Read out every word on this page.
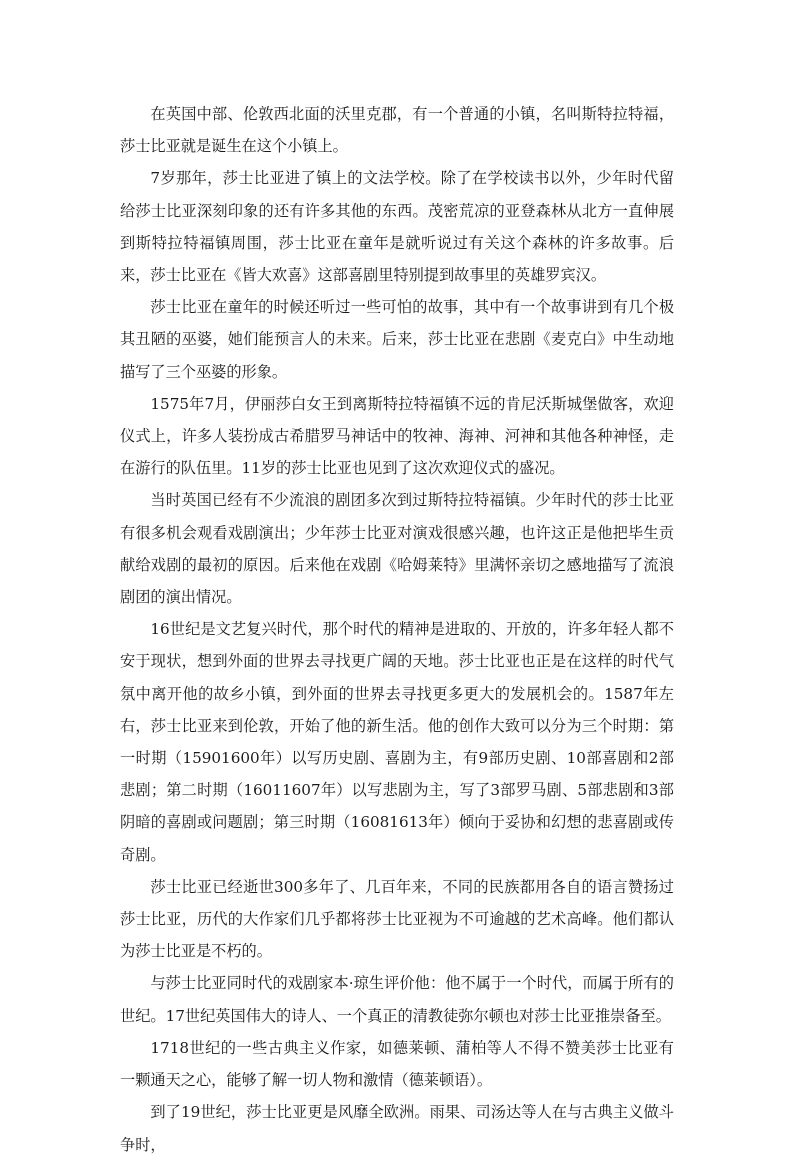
在英国中部、伦敦西北面的沃里克郡，有一个普通的小镇，名叫斯特拉特福，莎士比亚就是诞生在这个小镇上。

7岁那年，莎士比亚进了镇上的文法学校。除了在学校读书以外，少年时代留给莎士比亚深刻印象的还有许多其他的东西。茂密荒凉的亚登森林从北方一直伸展到斯特拉特福镇周围，莎士比亚在童年是就听说过有关这个森林的许多故事。后来，莎士比亚在《皆大欢喜》这部喜剧里特别提到故事里的英雄罗宾汉。

莎士比亚在童年的时候还听过一些可怕的故事，其中有一个故事讲到有几个极其丑陋的巫婆，她们能预言人的未来。后来，莎士比亚在悲剧《麦克白》中生动地描写了三个巫婆的形象。

1575年7月，伊丽莎白女王到离斯特拉特福镇不远的肯尼沃斯城堡做客，欢迎仪式上，许多人装扮成古希腊罗马神话中的牧神、海神、河神和其他各种神怪，走在游行的队伍里。11岁的莎士比亚也见到了这次欢迎仪式的盛况。

当时英国已经有不少流浪的剧团多次到过斯特拉特福镇。少年时代的莎士比亚有很多机会观看戏剧演出；少年莎士比亚对演戏很感兴趣，也许这正是他把毕生贡献给戏剧的最初的原因。后来他在戏剧《哈姆莱特》里满怀亲切之感地描写了流浪剧团的演出情况。

16世纪是文艺复兴时代，那个时代的精神是进取的、开放的，许多年轻人都不安于现状，想到外面的世界去寻找更广阔的天地。莎士比亚也正是在这样的时代气氛中离开他的故乡小镇，到外面的世界去寻找更多更大的发展机会的。1587年左右，莎士比亚来到伦敦，开始了他的新生活。他的创作大致可以分为三个时期：第一时期（15901600年）以写历史剧、喜剧为主，有9部历史剧、10部喜剧和2部悲剧；第二时期（16011607年）以写悲剧为主，写了3部罗马剧、5部悲剧和3部阴暗的喜剧或问题剧；第三时期（16081613年）倾向于妥协和幻想的悲喜剧或传奇剧。

莎士比亚已经逝世300多年了、几百年来，不同的民族都用各自的语言赞扬过莎士比亚，历代的大作家们几乎都将莎士比亚视为不可逾越的艺术高峰。他们都认为莎士比亚是不朽的。

与莎士比亚同时代的戏剧家本·琼生评价他：他不属于一个时代，而属于所有的世纪。17世纪英国伟大的诗人、一个真正的清教徒弥尔顿也对莎士比亚推崇备至。

1718世纪的一些古典主义作家，如德莱顿、蒲柏等人不得不赞美莎士比亚有一颗通天之心，能够了解一切人物和激情（德莱顿语）。

到了19世纪，莎士比亚更是风靡全欧洲。雨果、司汤达等人在与古典主义做斗争时，
